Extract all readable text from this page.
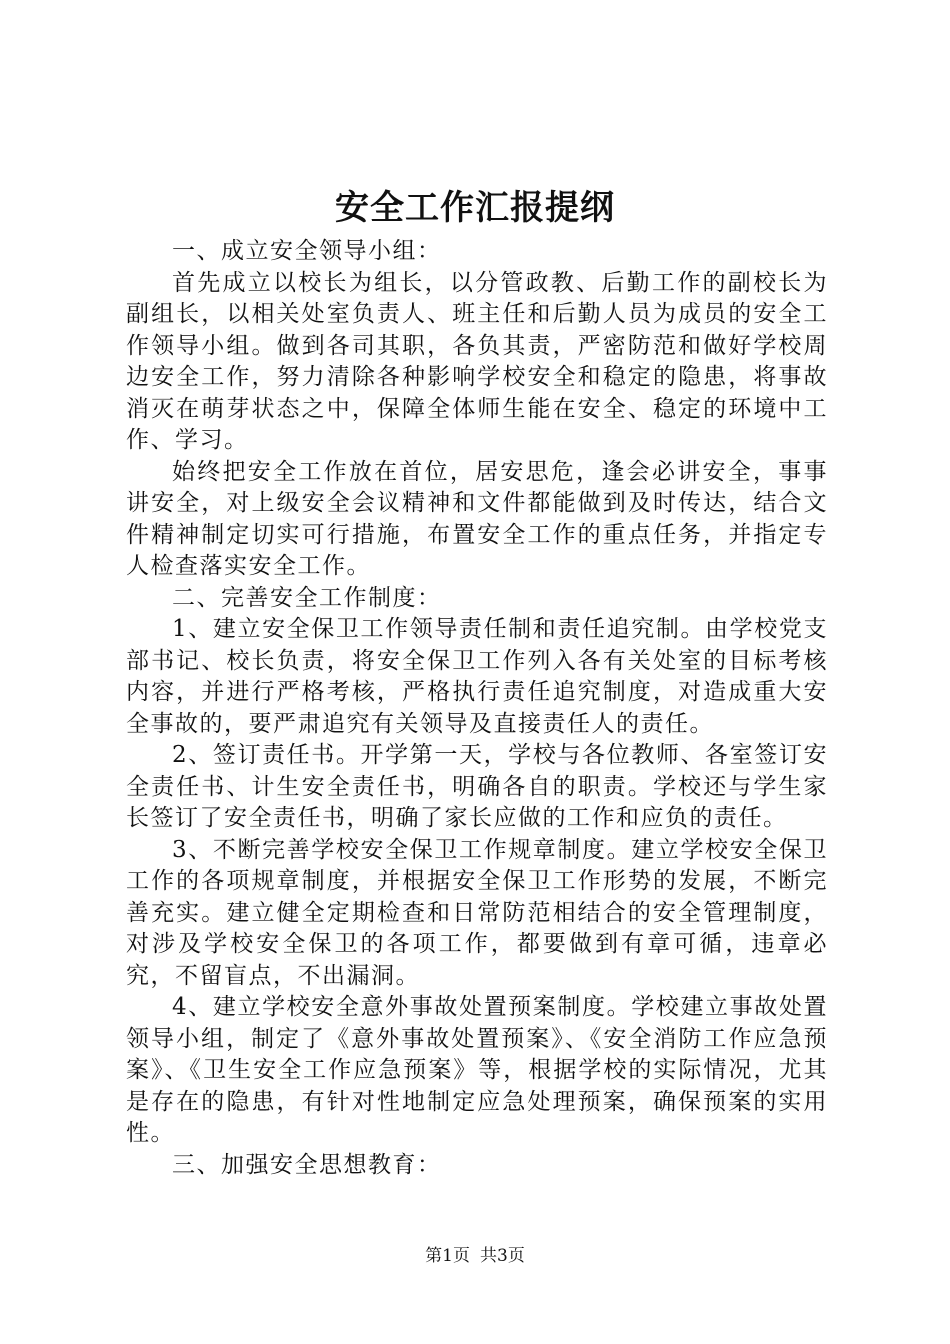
安全工作汇报提纲

一、成立安全领导小组：

首先成立以校长为组长，以分管政教、后勤工作的副校长为副组长，以相关处室负责人、班主任和后勤人员为成员的安全工作领导小组。做到各司其职，各负其责，严密防范和做好学校周边安全工作，努力清除各种影响学校安全和稳定的隐患，将事故消灭在萌芽状态之中，保障全体师生能在安全、稳定的环境中工作、学习。

始终把安全工作放在首位，居安思危，逢会必讲安全，事事讲安全，对上级安全会议精神和文件都能做到及时传达，结合文件精神制定切实可行措施，布置安全工作的重点任务，并指定专人检查落实安全工作。

二、完善安全工作制度：

1、建立安全保卫工作领导责任制和责任追究制。由学校党支部书记、校长负责，将安全保卫工作列入各有关处室的目标考核内容，并进行严格考核，严格执行责任追究制度，对造成重大安全事故的，要严肃追究有关领导及直接责任人的责任。

2、签订责任书。开学第一天，学校与各位教师、各室签订安全责任书、计生安全责任书，明确各自的职责。学校还与学生家长签订了安全责任书，明确了家长应做的工作和应负的责任。

3、不断完善学校安全保卫工作规章制度。建立学校安全保卫工作的各项规章制度，并根据安全保卫工作形势的发展，不断完善充实。建立健全定期检查和日常防范相结合的安全管理制度，对涉及学校安全保卫的各项工作，都要做到有章可循，违章必究，不留盲点，不出漏洞。

4、建立学校安全意外事故处置预案制度。学校建立事故处置领导小组，制定了《意外事故处置预案》、《安全消防工作应急预案》、《卫生安全工作应急预案》等，根据学校的实际情况，尤其是存在的隐患，有针对性地制定应急处理预案，确保预案的实用性。

三、加强安全思想教育：

第1页 共3页
